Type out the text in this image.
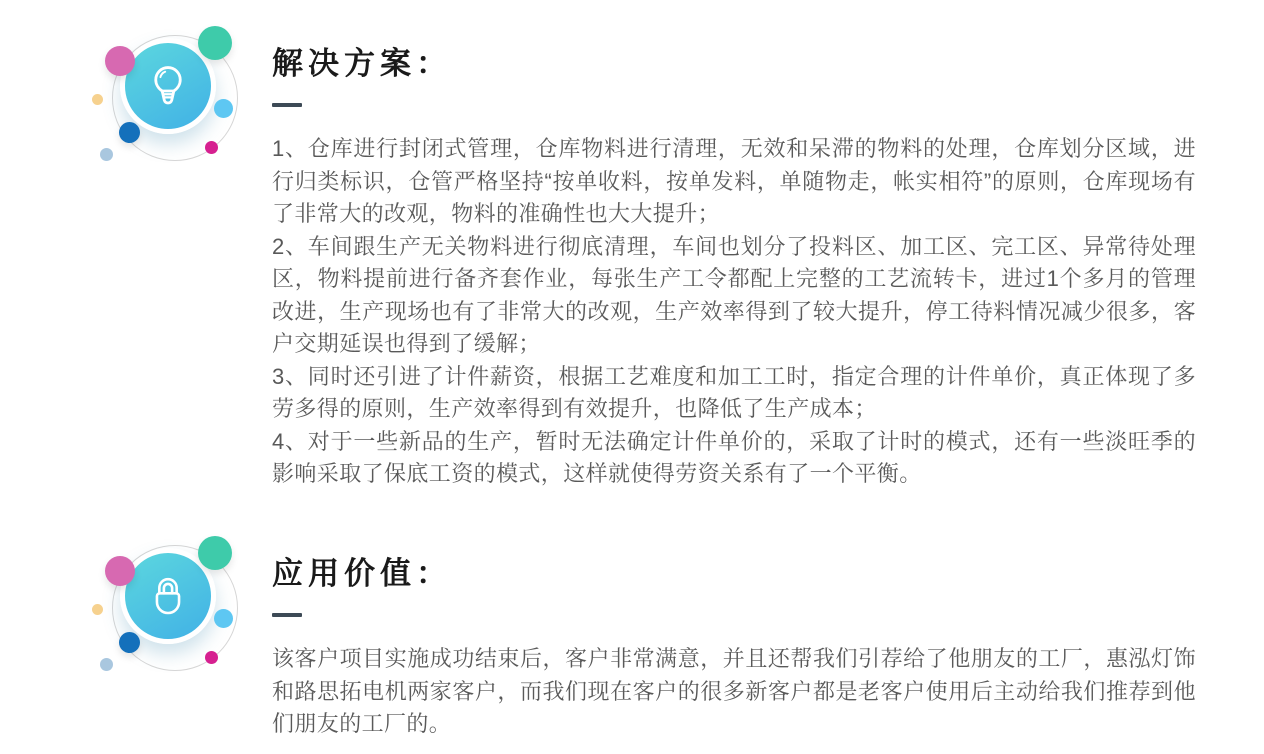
解决方案：

1、仓库进行封闭式管理，仓库物料进行清理，无效和呆滞的物料的处理，仓库划分区域，进行归类标识，仓管严格坚持“按单收料，按单发料，单随物走，帐实相符”的原则，仓库现场有了非常大的改观，物料的准确性也大大提升；

2、车间跟生产无关物料进行彻底清理，车间也划分了投料区、加工区、完工区、异常待处理区，物料提前进行备齐套作业，每张生产工令都配上完整的工艺流转卡，进过1个多月的管理改进，生产现场也有了非常大的改观，生产效率得到了较大提升，停工待料情况减少很多，客户交期延误也得到了缓解；

3、同时还引进了计件薪资，根据工艺难度和加工工时，指定合理的计件单价，真正体现了多劳多得的原则，生产效率得到有效提升，也降低了生产成本；

4、对于一些新品的生产，暂时无法确定计件单价的，采取了计时的模式，还有一些淡旺季的影响采取了保底工资的模式，这样就使得劳资关系有了一个平衡。

应用价值：

该客户项目实施成功结束后，客户非常满意，并且还帮我们引荐给了他朋友的工厂，惠泓灯饰和路思拓电机两家客户，而我们现在客户的很多新客户都是老客户使用后主动给我们推荐到他们朋友的工厂的。
